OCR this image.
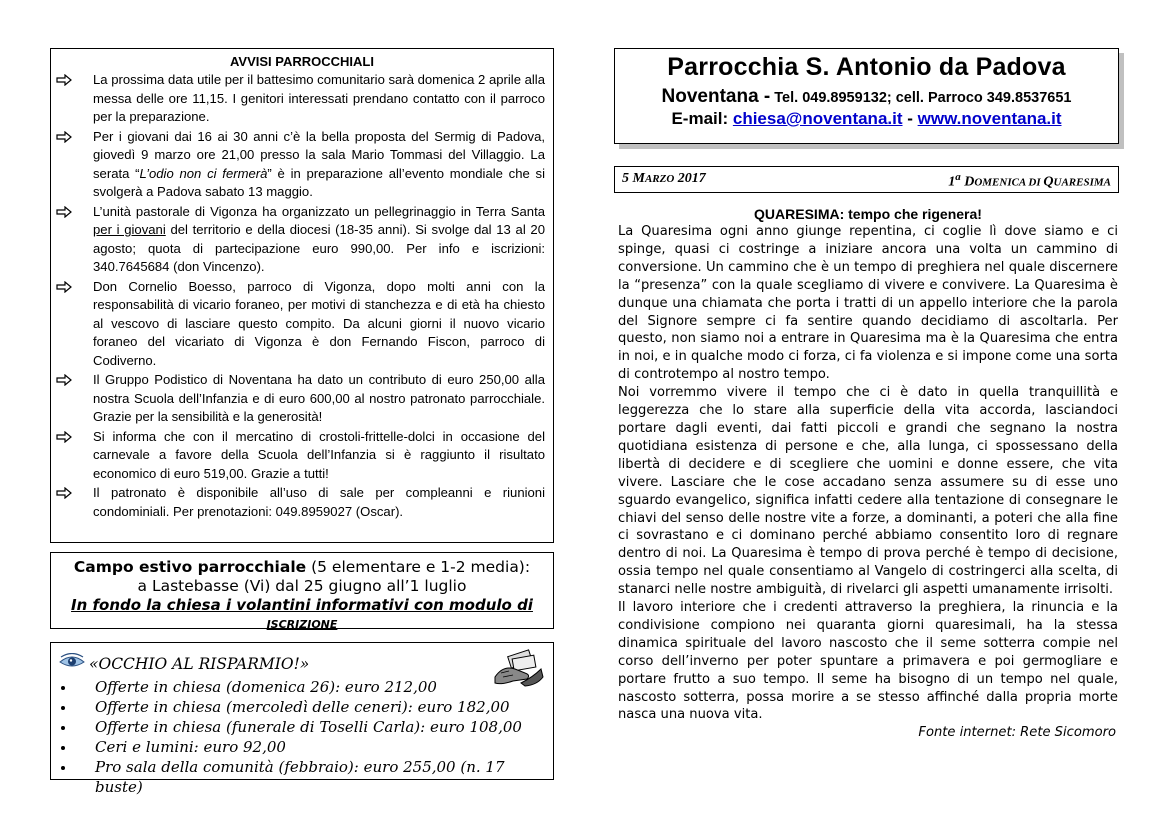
AVVISI PARROCCHIALI
La prossima data utile per il battesimo comunitario sarà domenica 2 aprile alla messa delle ore 11,15. I genitori interessati prendano contatto con il parroco per la preparazione.
Per i giovani dai 16 ai 30 anni c’è la bella proposta del Sermig di Padova, giovedì 9 marzo ore 21,00 presso la sala Mario Tommasi del Villaggio. La serata “L’odio non ci fermerà” è in preparazione all’evento mondiale che si svolgerà a Padova sabato 13 maggio.
L’unità pastorale di Vigonza ha organizzato un pellegrinaggio in Terra Santa per i giovani del territorio e della diocesi (18-35 anni). Si svolge dal 13 al 20 agosto; quota di partecipazione euro 990,00. Per info e iscrizioni: 340.7645684 (don Vincenzo).
Don Cornelio Boesso, parroco di Vigonza, dopo molti anni con la responsabilità di vicario foraneo, per motivi di stanchezza e di età ha chiesto al vescovo di lasciare questo compito. Da alcuni giorni il nuovo vicario foraneo del vicariato di Vigonza è don Fernando Fiscon, parroco di Codiverno.
Il Gruppo Podistico di Noventana ha dato un contributo di euro 250,00 alla nostra Scuola dell’Infanzia e di euro 600,00 al nostro patronato parrocchiale. Grazie per la sensibilità e la generosità!
Si informa che con il mercatino di crostoli-frittelle-dolci in occasione del carnevale a favore della Scuola dell’Infanzia si è raggiunto il risultato economico di euro 519,00. Grazie a tutti!
Il patronato è disponibile all’uso di sale per compleanni e riunioni condominiali. Per prenotazioni: 049.8959027 (Oscar).
Campo estivo parrocchiale (5 elementare e 1-2 media):
a Lastebasse (Vi) dal 25 giugno all’1 luglio
In fondo la chiesa i volantini informativi con modulo di ISCRIZIONE
«OCCHIO AL RISPARMIO!»
Offerte in chiesa (domenica 26): euro 212,00
Offerte in chiesa (mercoledì delle ceneri): euro 182,00
Offerte in chiesa (funerale di Toselli Carla): euro 108,00
Ceri e lumini: euro 92,00
Pro sala della comunità (febbraio): euro 255,00 (n. 17 buste)
Parrocchia S. Antonio da Padova
Noventana - Tel. 049.8959132; cell. Parroco 349.8537651
E-mail: chiesa@noventana.it - www.noventana.it
5 MARZO 2017	1$^a$ DOMENICA DI QUARESIMA
QUARESIMA: tempo che rigenera!

La Quaresima ogni anno giunge repentina, ci coglie lì dove siamo e ci spinge, quasi ci costringe a iniziare ancora una volta un cammino di conversione. Un cammino che è un tempo di preghiera nel quale discernere la “presenza” con la quale scegliamo di vivere e convivere. La Quaresima è dunque una chiamata che porta i tratti di un appello interiore che la parola del Signore sempre ci fa sentire quando decidiamo di ascoltarla. Per questo, non siamo noi a entrare in Quaresima ma è la Quaresima che entra in noi, e in qualche modo ci forza, ci fa violenza e si impone come una sorta di controtempo al nostro tempo.

Noi vorremmo vivere il tempo che ci è dato in quella tranquillità e leggerezza che lo stare alla superficie della vita accorda, lasciandoci portare dagli eventi, dai fatti piccoli e grandi che segnano la nostra quotidiana esistenza di persone e che, alla lunga, ci spossessano della libertà di decidere e di scegliere che uomini e donne essere, che vita vivere. Lasciare che le cose accadano senza assumere su di esse uno sguardo evangelico, significa infatti cedere alla tentazione di consegnare le chiavi del senso delle nostre vite a forze, a dominanti, a poteri che alla fine ci sovrastano e ci dominano perché abbiamo consentito loro di regnare dentro di noi. La Quaresima è tempo di prova perché è tempo di decisione, ossia tempo nel quale consentiamo al Vangelo di costringerci alla scelta, di stanarci nelle nostre ambiguità, di rivelarci gli aspetti umanamente irrisolti.

Il lavoro interiore che i credenti attraverso la preghiera, la rinuncia e la condivisione compiono nei quaranta giorni quaresimali, ha la stessa dinamica spirituale del lavoro nascosto che il seme sotterra compie nel corso dell’inverno per poter spuntare a primavera e poi germogliare e portare frutto a suo tempo. Il seme ha bisogno di un tempo nel quale, nascosto sotterra, possa morire a se stesso affinché dalla propria morte nasca una nuova vita.

Fonte internet: Rete Sicomoro
